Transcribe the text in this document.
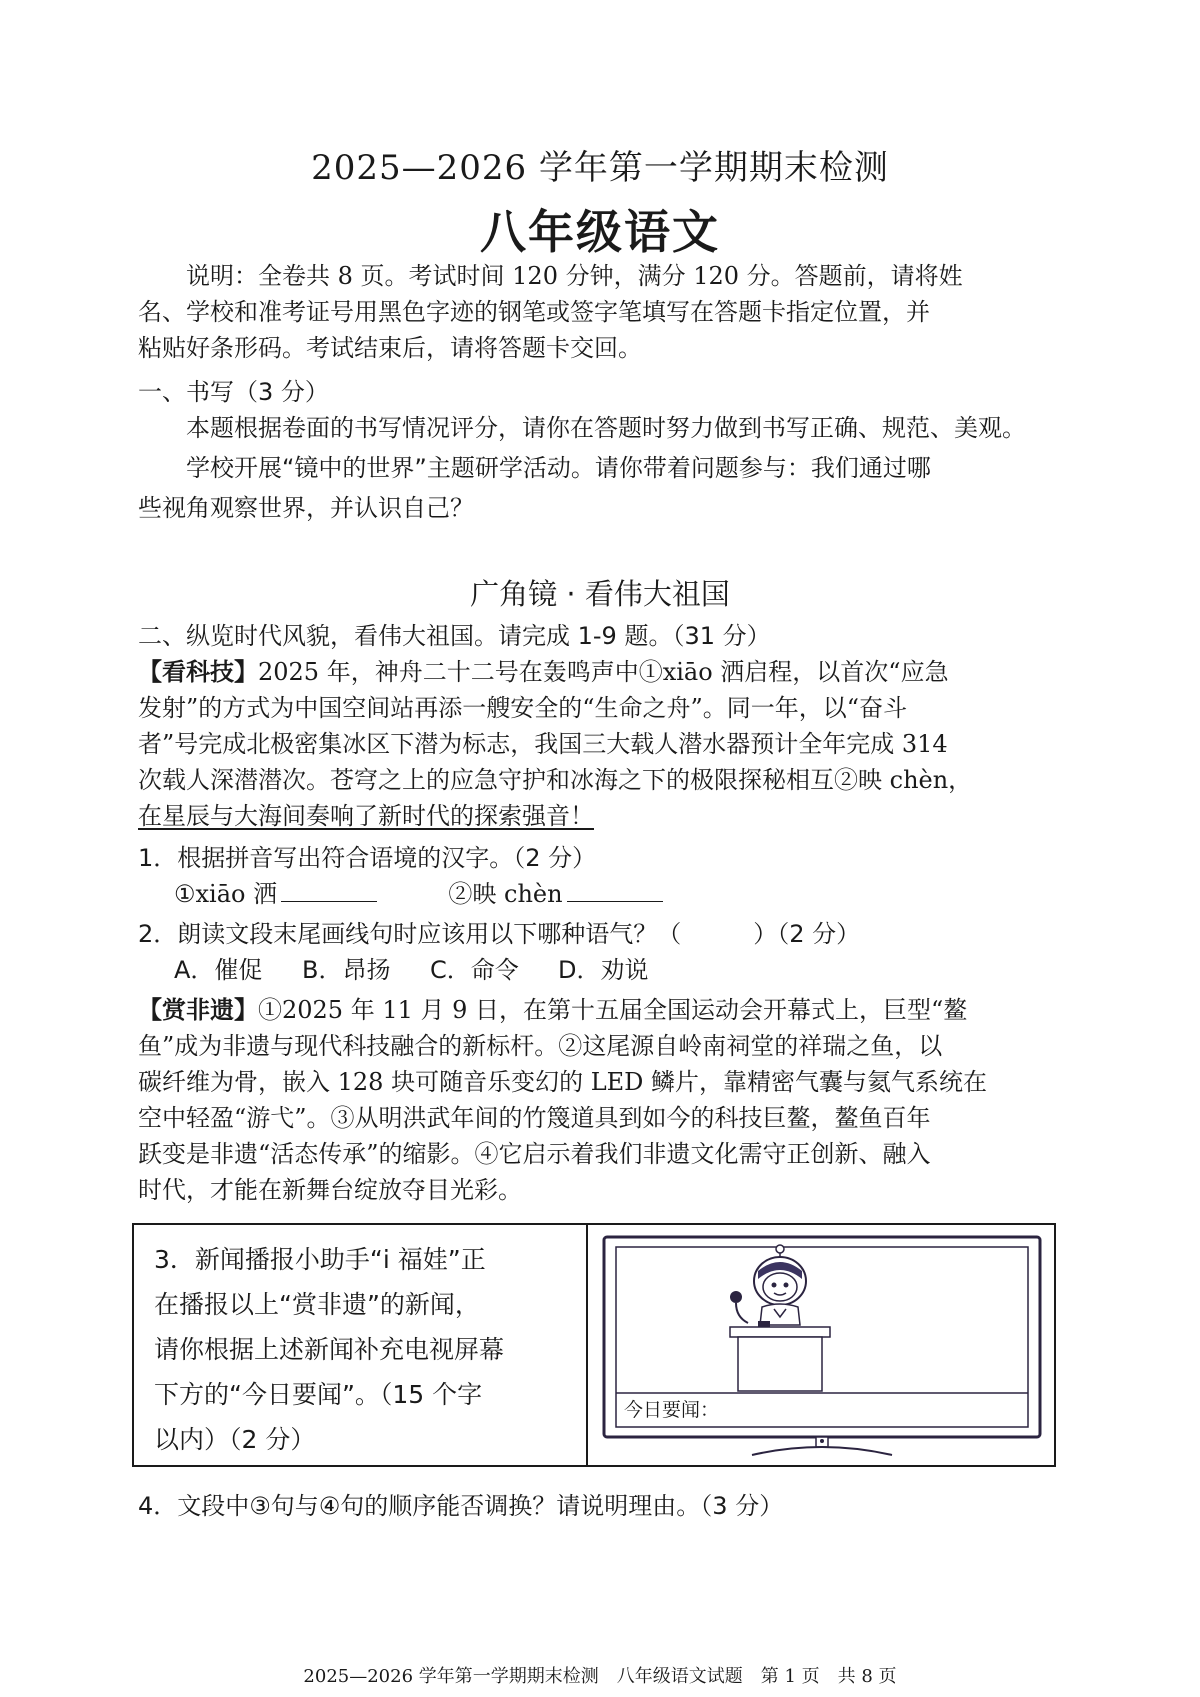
2025—2026 学年第一学期期末检测
八年级语文
说明：全卷共 8 页。考试时间 120 分钟，满分 120 分。答题前，请将姓
名、学校和准考证号用黑色字迹的钢笔或签字笔填写在答题卡指定位置，并
粘贴好条形码。考试结束后，请将答题卡交回。
一、书写（3 分）
本题根据卷面的书写情况评分，请你在答题时努力做到书写正确、规范、美观。
学校开展“镜中的世界”主题研学活动。请你带着问题参与：我们通过哪
些视角观察世界，并认识自己？
广角镜 · 看伟大祖国
二、纵览时代风貌，看伟大祖国。请完成 1-9 题。（31 分）
【看科技】2025 年，神舟二十二号在轰鸣声中①xiāo 洒启程，以首次“应急
发射”的方式为中国空间站再添一艘安全的“生命之舟”。同一年，以“奋斗
者”号完成北极密集冰区下潜为标志，我国三大载人潜水器预计全年完成 314
次载人深潜潜次。苍穹之上的应急守护和冰海之下的极限探秘相互②映 chèn，
在星辰与大海间奏响了新时代的探索强音！
1．根据拼音写出符合语境的汉字。（2 分）
①xiāo 洒	②映 chèn
2．朗读文段末尾画线句时应该用以下哪种语气？（　　　）（2 分）
A．催促 B．昂扬 C．命令 D．劝说
【赏非遗】①2025 年 11 月 9 日，在第十五届全国运动会开幕式上，巨型“鳌
鱼”成为非遗与现代科技融合的新标杆。②这尾源自岭南祠堂的祥瑞之鱼，以
碳纤维为骨，嵌入 128 块可随音乐变幻的 LED 鳞片，靠精密气囊与氦气系统在
空中轻盈“游弋”。③从明洪武年间的竹篾道具到如今的科技巨鳌，鳌鱼百年
跃变是非遗“活态传承”的缩影。④它启示着我们非遗文化需守正创新、融入
时代，才能在新舞台绽放夺目光彩。
3．新闻播报小助手“i 福娃”正
在播报以上“赏非遗”的新闻，
请你根据上述新闻补充电视屏幕
下方的“今日要闻”。（15 个字
以内）（2 分）
今日要闻：
4．文段中③句与④句的顺序能否调换？请说明理由。（3 分）
2025—2026 学年第一学期期末检测　八年级语文试题　第 1 页　共 8 页
